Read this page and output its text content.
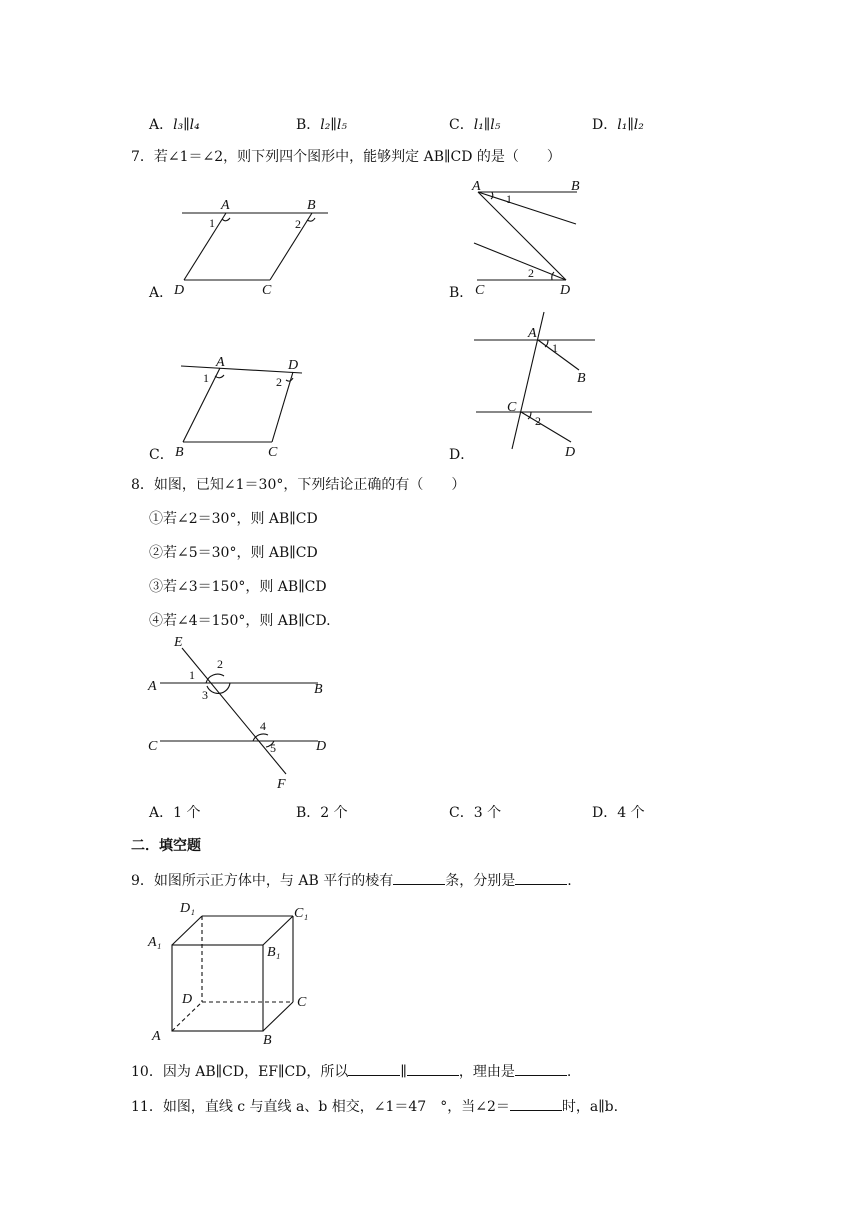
A．l₃∥l₄	B．l₂∥l₅	C．l₁∥l₅	D．l₁∥l₂
7．若∠1＝∠2，则下列四个图形中，能够判定 AB∥CD 的是（　　）
A．
A	B
C
D
1	2
B．
A	B
C	D
1
2
C．
A	D
B	C
1	2
D．
A
B
C
D
1
2
8．如图，已知∠1＝30°，下列结论正确的有（　　）
①若∠2＝30°，则 AB∥CD
②若∠5＝30°，则 AB∥CD
③若∠3＝150°，则 AB∥CD
④若∠4＝150°，则 AB∥CD.
E
A	B
C	D
F
1
2
3
4
5
A．1 个	B．2 个	C．3 个	D．4 个
二．填空题
9．如图所示正方体中，与 AB 平行的棱有	条，分别是	.
D₁	C₁
A₁
B₁
D	C
A	B
10．因为 AB∥CD，EF∥CD，所以	∥	，理由是	.
11．如图，直线 c 与直线 a、b 相交，∠1＝47　°，当∠2＝	时，a∥b.
